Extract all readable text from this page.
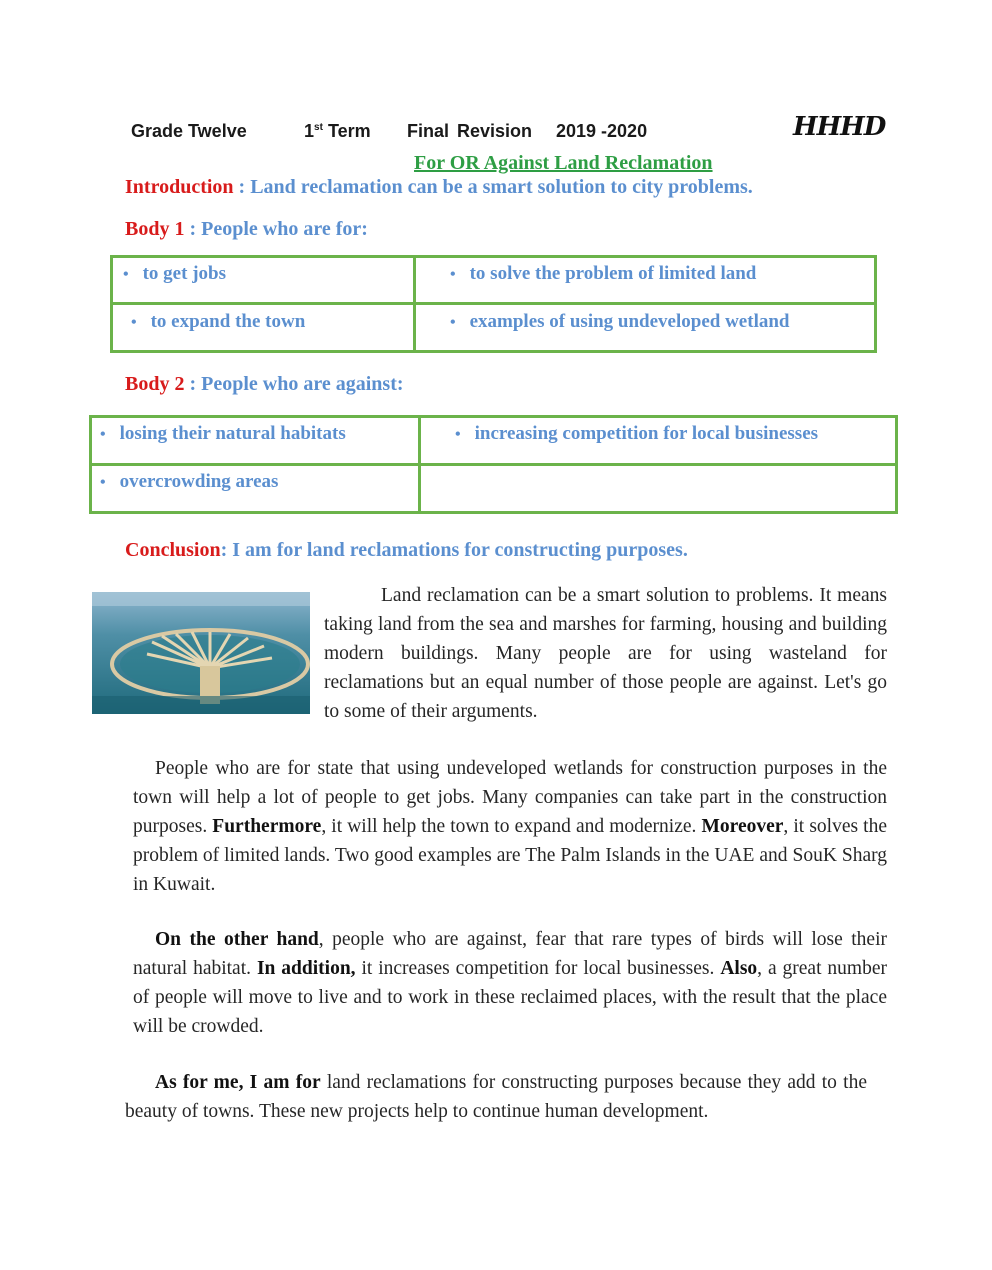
Grade Twelve	1st Term Final Revision 2019 -2020	HHHD
For OR Against Land Reclamation
Introduction : Land reclamation can be a smart solution to city problems.
Body 1 : People who are for:
• to get jobs	• to solve the problem of limited land
• to expand the town	• examples of using undeveloped wetland
Body 2 : People who are against:
• losing their natural habitats	• increasing competition for local businesses
• overcrowding areas	
Conclusion: I am for land reclamations for constructing purposes.
Land reclamation can be a smart solution to problems. It means taking land from the sea and marshes for farming, housing and building modern buildings. Many people are for using wasteland for reclamations but an equal number of those people are against. Let's go to some of their arguments.
People who are for state that using undeveloped wetlands for construction purposes in the town will help a lot of people to get jobs. Many companies can take part in the construction purposes. Furthermore, it will help the town to expand and modernize. Moreover, it solves the problem of limited lands. Two good examples are The Palm Islands in the UAE and SouK Sharg in Kuwait.
On the other hand, people who are against, fear that rare types of birds will lose their natural habitat. In addition, it increases competition for local businesses. Also, a great number of people will move to live and to work in these reclaimed places, with the result that the place will be crowded.
As for me, I am for land reclamations for constructing purposes because they add to the beauty of towns. These new projects help to continue human development.
